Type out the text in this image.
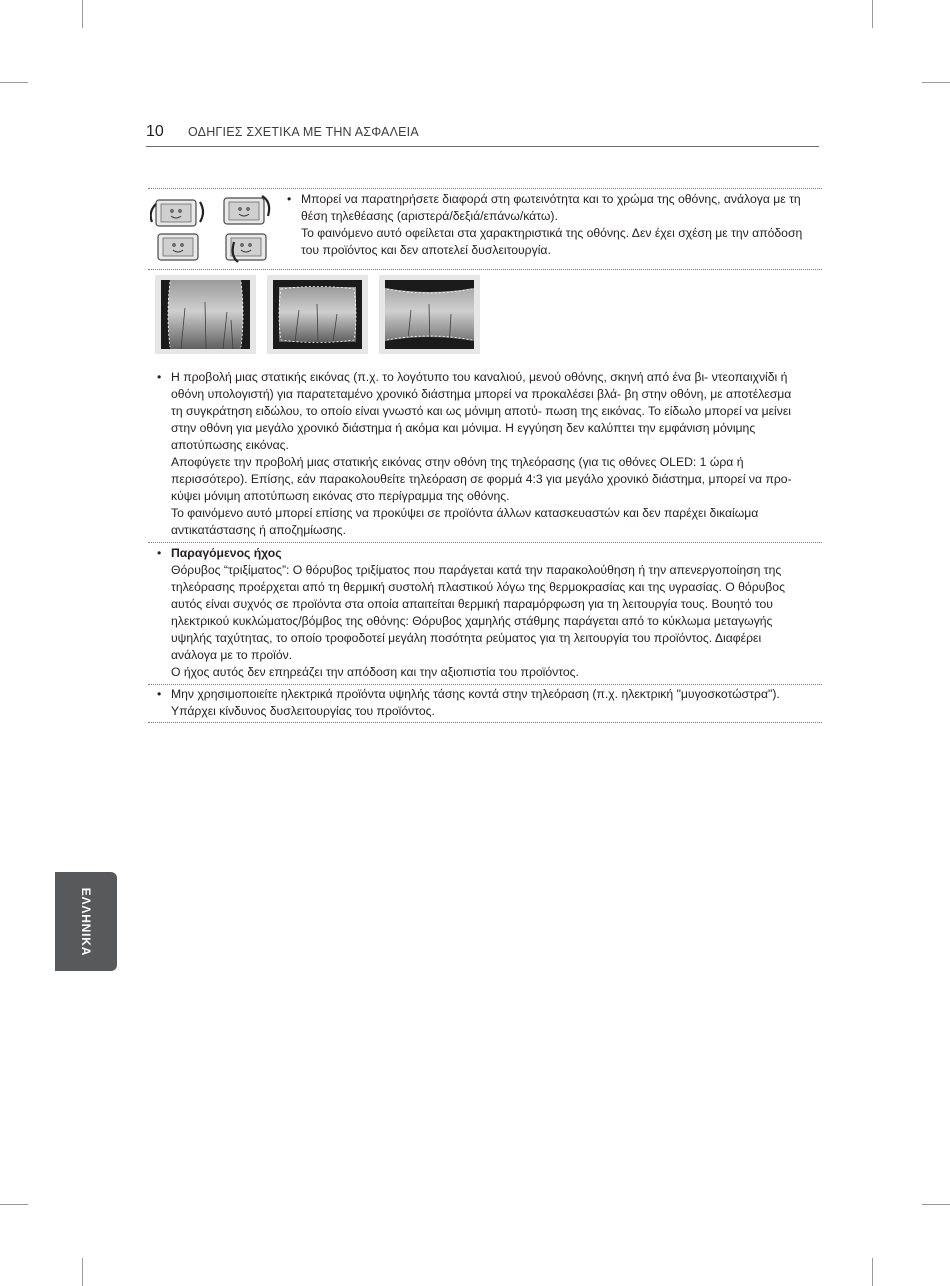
10 ΟΔΗΓΙΕΣ ΣΧΕΤΙΚΑ ΜΕ ΤΗΝ ΑΣΦΑΛΕΙΑ
• Μπορεί να παρατηρήσετε διαφορά στη φωτεινότητα και το χρώμα της οθόνης, ανάλογα με τη
θέση τηλεθέασης (αριστερά/δεξιά/επάνω/κάτω).
Το φαινόμενο αυτό οφείλεται στα χαρακτηριστικά της οθόνης. Δεν έχει σχέση με την απόδοση
του προϊόντος και δεν αποτελεί δυσλειτουργία.
• Η προβολή μιας στατικής εικόνας (π.χ. το λογότυπο του καναλιού, μενού οθόνης, σκηνή από ένα βι- ντεοπαιχνίδι ή
οθόνη υπολογιστή) για παρατεταμένο χρονικό διάστημα μπορεί να προκαλέσει βλά- βη στην οθόνη, με αποτέλεσμα
τη συγκράτηση ειδώλου, το οποίο είναι γνωστό και ως μόνιμη αποτύ- πωση της εικόνας. Το είδωλο μπορεί να μείνει
στην οθόνη για μεγάλο χρονικό διάστημα ή ακόμα και μόνιμα. Η εγγύηση δεν καλύπτει την εμφάνιση μόνιμης
αποτύπωσης εικόνας.
Αποφύγετε την προβολή μιας στατικής εικόνας στην οθόνη της τηλεόρασης (για τις οθόνες OLED: 1 ώρα ή
περισσότερο). Επίσης, εάν παρακολουθείτε τηλεόραση σε φορμά 4:3 για μεγάλο χρονικό διάστημα, μπορεί να προ-
κύψει μόνιμη αποτύπωση εικόνας στο περίγραμμα της οθόνης.
Το φαινόμενο αυτό μπορεί επίσης να προκύψει σε προϊόντα άλλων κατασκευαστών και δεν παρέχει δικαίωμα
αντικατάστασης ή αποζημίωσης.
• Παραγόμενος ήχος
Θόρυβος “τριξίματος”: Ο θόρυβος τριξίματος που παράγεται κατά την παρακολούθηση ή την απενεργοποίηση της
τηλεόρασης προέρχεται από τη θερμική συστολή πλαστικού λόγω της θερμοκρασίας και της υγρασίας. Ο θόρυβος
αυτός είναι συχνός σε προϊόντα στα οποία απαιτείται θερμική παραμόρφωση για τη λειτουργία τους. Βουητό του
ηλεκτρικού κυκλώματος/βόμβος της οθόνης: Θόρυβος χαμηλής στάθμης παράγεται από το κύκλωμα μεταγωγής
υψηλής ταχύτητας, το οποίο τροφοδοτεί μεγάλη ποσότητα ρεύματος για τη λειτουργία του προϊόντος. Διαφέρει
ανάλογα με το προϊόν.
Ο ήχος αυτός δεν επηρεάζει την απόδοση και την αξιοπιστία του προϊόντος.
• Μην χρησιμοποιείτε ηλεκτρικά προϊόντα υψηλής τάσης κοντά στην τηλεόραση (π.χ. ηλεκτρική "μυγοσκοτώστρα").
Υπάρχει κίνδυνος δυσλειτουργίας του προϊόντος.
ΕΛΛΗΝΙΚΑ
